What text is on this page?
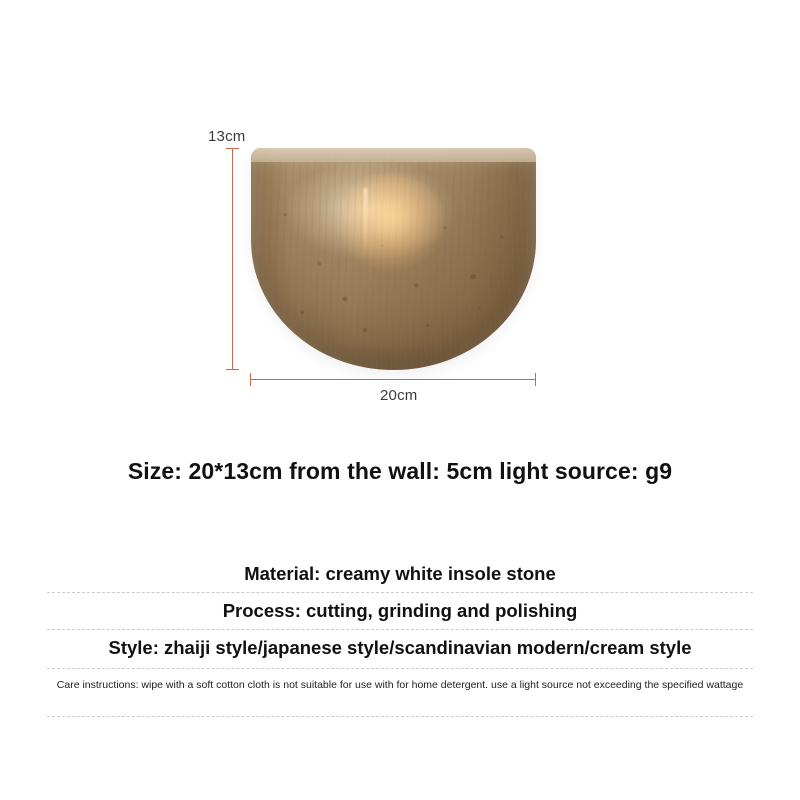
13cm
20cm
Size: 20*13cm from the wall: 5cm light source: g9
Material: creamy white insole stone
Process: cutting, grinding and polishing
Style: zhaiji style/japanese style/scandinavian modern/cream style
Care instructions: wipe with a soft cotton cloth is not suitable for use with for home detergent. use a light source not exceeding the specified wattage
